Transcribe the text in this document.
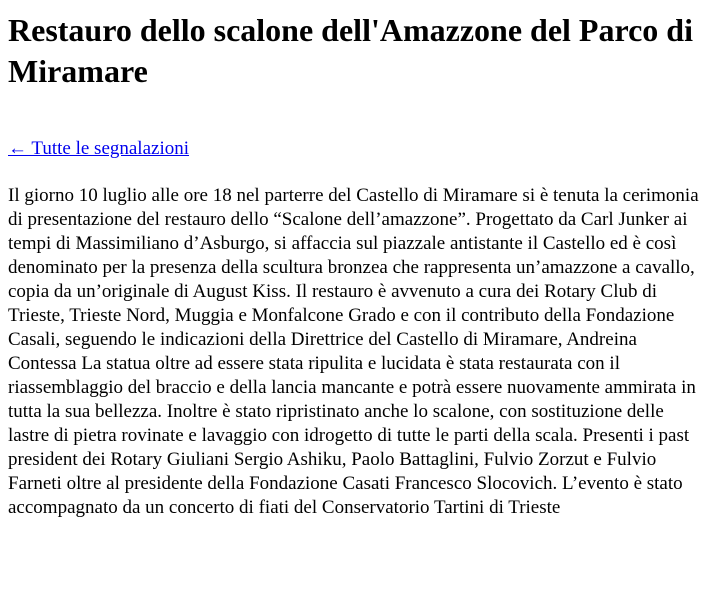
Restauro dello scalone dell'Amazzone del Parco di Miramare
← Tutte le segnalazioni

Il giorno 10 luglio alle ore 18 nel parterre del Castello di Miramare si è tenuta la cerimonia di presentazione del restauro dello “Scalone dell’amazzone”. Progettato da Carl Junker ai tempi di Massimiliano d’Asburgo, si affaccia sul piazzale antistante il Castello ed è così denominato per la presenza della scultura bronzea che rappresenta un’amazzone a cavallo, copia da un’originale di August Kiss. Il restauro è avvenuto a cura dei Rotary Club di Trieste, Trieste Nord, Muggia e Monfalcone Grado e con il contributo della Fondazione Casali, seguendo le indicazioni della Direttrice del Castello di Miramare, Andreina Contessa La statua oltre ad essere stata ripulita e lucidata è stata restaurata con il riassemblaggio del braccio e della lancia mancante e potrà essere nuovamente ammirata in tutta la sua bellezza. Inoltre è stato ripristinato anche lo scalone, con sostituzione delle lastre di pietra rovinate e lavaggio con idrogetto di tutte le parti della scala. Presenti i past president dei Rotary Giuliani Sergio Ashiku, Paolo Battaglini, Fulvio Zorzut e Fulvio Farneti oltre al presidente della Fondazione Casati Francesco Slocovich. L’evento è stato accompagnato da un concerto di fiati del Conservatorio Tartini di Trieste
